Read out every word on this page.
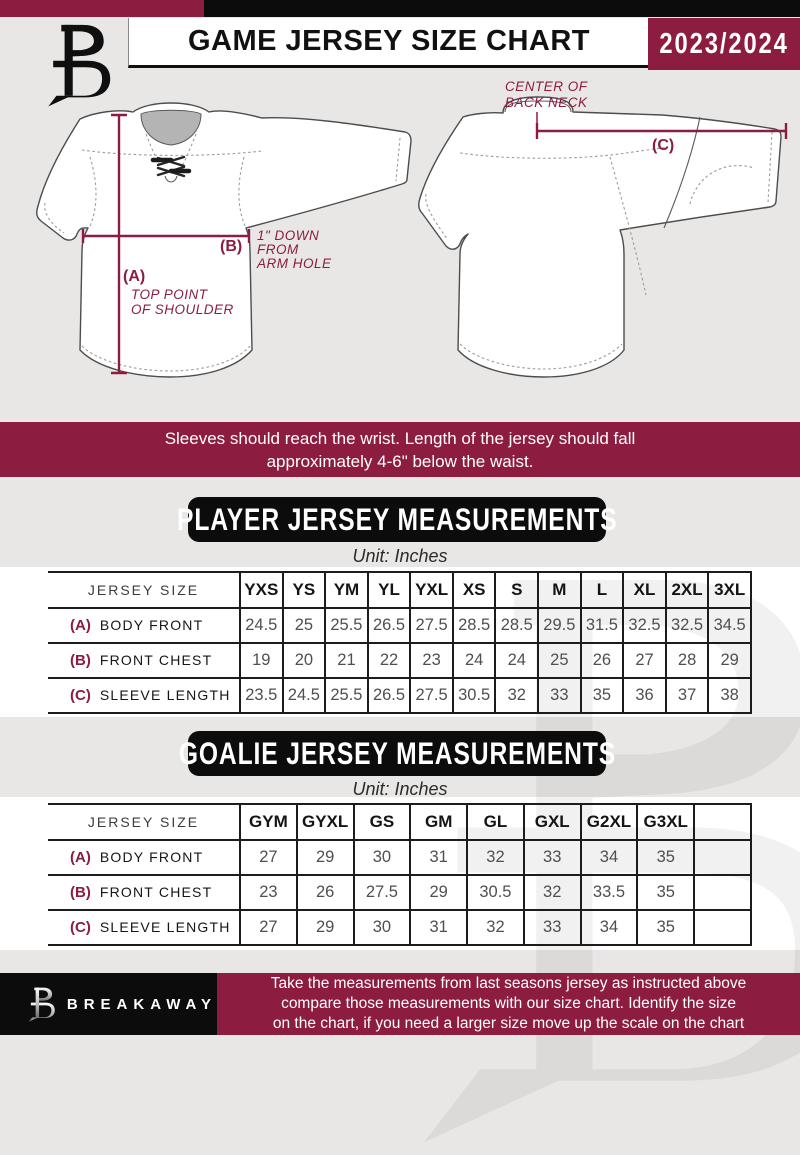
(B)
1" DOWN
FROM
ARM HOLE
(A)
TOP POINT
OF SHOULDER
(C)
CENTER OF
BACK NECK
GAME JERSEY SIZE CHART	2023/2024
Sleeves should reach the wrist. Length of the jersey should fall
approximately 4-6" below the waist.
PLAYER JERSEY MEASUREMENTS
Unit: Inches
JERSEY SIZE	YXS	YS	YM	YL	YXL	XS	S	M	L	XL	2XL	3XL
(A) BODY FRONT	24.5	25	25.5	26.5	27.5	28.5	28.5	29.5	31.5	32.5	32.5	34.5
(B) FRONT CHEST	19	20	21	22	23	24	24	25	26	27	28	29
(C) SLEEVE LENGTH	23.5	24.5	25.5	26.5	27.5	30.5	32	33	35	36	37	38
GOALIE JERSEY MEASUREMENTS
Unit: Inches
JERSEY SIZE	GYM	GYXL	GS	GM	GL	GXL	G2XL	G3XL	
(A) BODY FRONT	27	29	30	31	32	33	34	35	
(B) FRONT CHEST	23	26	27.5	29	30.5	32	33.5	35	
(C) SLEEVE LENGTH	27	29	30	31	32	33	34	35	
BREAKAWAY
Take the measurements from last seasons jersey as instructed above
compare those measurements with our size chart. Identify the size
on the chart, if you need a larger size move up the scale on the chart
